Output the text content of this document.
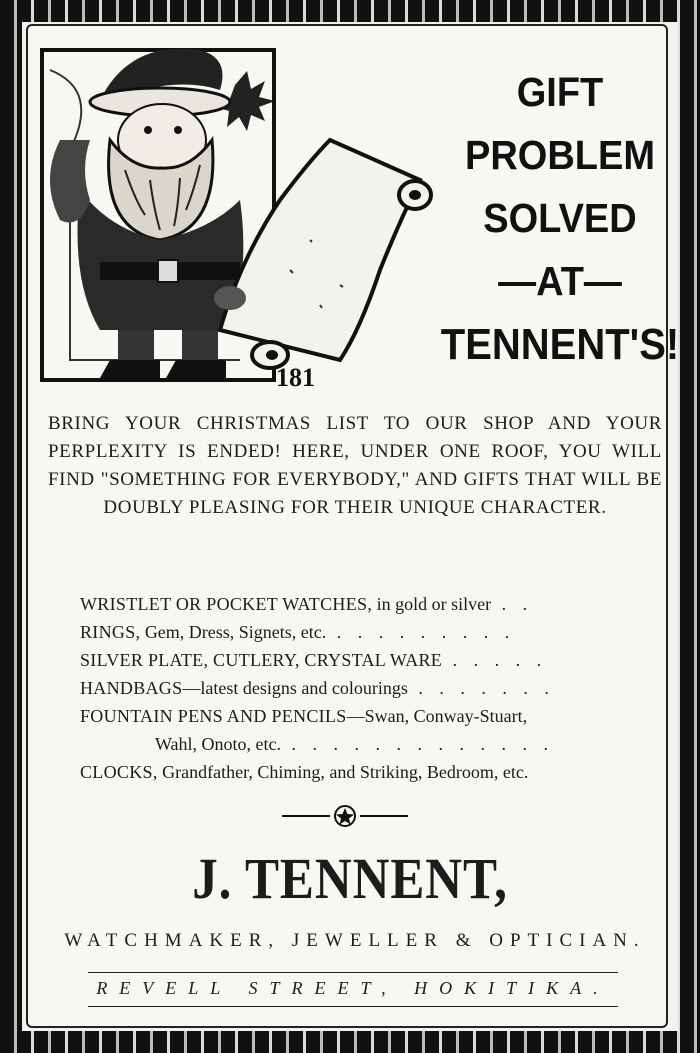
181
GIFT
PROBLEM
SOLVED
—AT—
TENNENT'S!
BRING YOUR CHRISTMAS LIST TO OUR SHOP AND YOUR PERPLEXITY IS ENDED! HERE, UNDER ONE ROOF, YOU WILL FIND "SOMETHING FOR EVERYBODY," AND GIFTS THAT WILL BE DOUBLY PLEASING FOR THEIR UNIQUE CHARACTER.
WRISTLET OR POCKET WATCHES, in gold or silver . .
RINGS, Gem, Dress, Signets, etc. . . . . . . . . .
SILVER PLATE, CUTLERY, CRYSTAL WARE . . . . .
HANDBAGS—latest designs and colourings . . . . . . .
FOUNTAIN PENS AND PENCILS—Swan, Conway-Stuart,
Wahl, Onoto, etc. . . . . . . . . . . . . .
CLOCKS, Grandfather, Chiming, and Striking, Bedroom, etc.
J. TENNENT,
WATCHMAKER, JEWELLER & OPTICIAN.
REVELL STREET, HOKITIKA.
